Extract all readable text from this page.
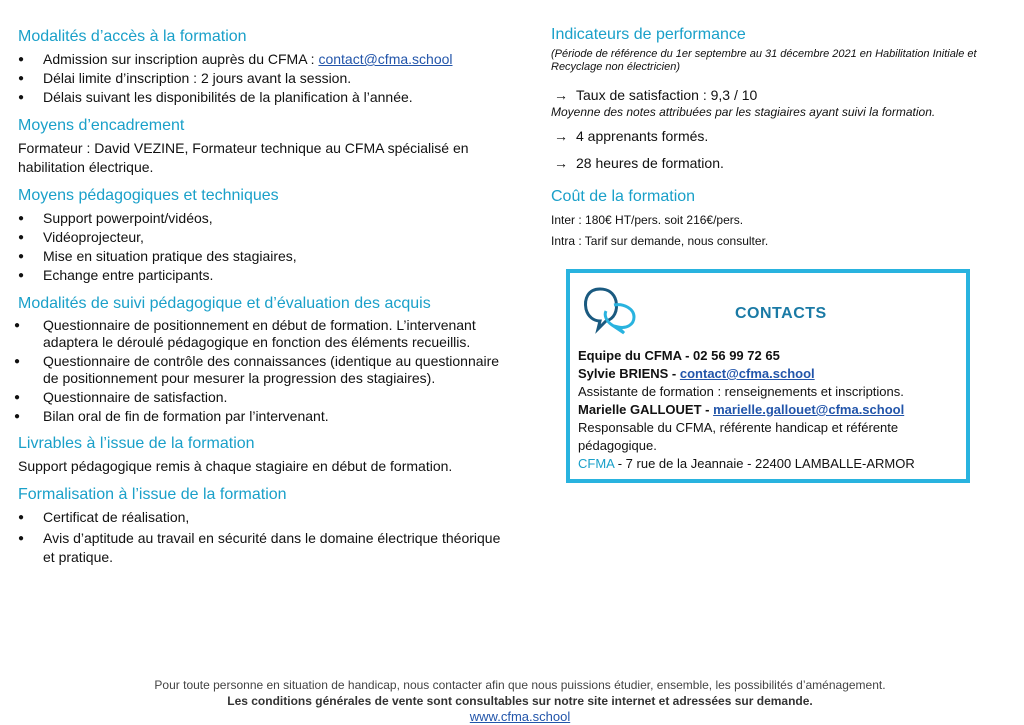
Modalités d’accès à la formation
● Admission sur inscription auprès du CFMA : contact@cfma.school
● Délai limite d’inscription : 2 jours avant la session.
● Délais suivant les disponibilités de la planification à l’année.
Moyens d’encadrement

Formateur : David VEZINE, Formateur technique au CFMA spécialisé en habilitation électrique.

Moyens pédagogiques et techniques
● Support powerpoint/vidéos,
● Vidéoprojecteur,
● Mise en situation pratique des stagiaires,
● Echange entre participants.
Modalités de suivi pédagogique et d’évaluation des acquis
● Questionnaire de positionnement en début de formation. L’intervenant adaptera le déroulé pédagogique en fonction des éléments recueillis.
● Questionnaire de contrôle des connaissances (identique au questionnaire de positionnement pour mesurer la progression des stagiaires).
● Questionnaire de satisfaction.
● Bilan oral de fin de formation par l’intervenant.
Livrables à l’issue de la formation

Support pédagogique remis à chaque stagiaire en début de formation.

Formalisation à l’issue de la formation
● Certificat de réalisation,
● Avis d’aptitude au travail en sécurité dans le domaine électrique théorique et pratique.
Indicateurs de performance
(Période de référence du 1er septembre au 31 décembre 2021 en Habilitation Initiale et Recyclage non électricien)
→ Taux de satisfaction : 9,3 / 10
Moyenne des notes attribuées par les stagiaires ayant suivi la formation.
→ 4 apprenants formés.
→ 28 heures de formation.
Coût de la formation
Inter : 180€ HT/pers. soit 216€/pers.
Intra : Tarif sur demande, nous consulter.
CONTACTS
Equipe du CFMA - 02 56 99 72 65
Sylvie BRIENS - contact@cfma.school
Assistante de formation : renseignements et inscriptions.
Marielle GALLOUET - marielle.gallouet@cfma.school
Responsable du CFMA, référente handicap et référente pédagogique.
CFMA - 7 rue de la Jeannaie - 22400 LAMBALLE-ARMOR
Pour toute personne en situation de handicap, nous contacter afin que nous puissions étudier, ensemble, les possibilités d’aménagement.
Les conditions générales de vente sont consultables sur notre site internet et adressées sur demande.
www.cfma.school
